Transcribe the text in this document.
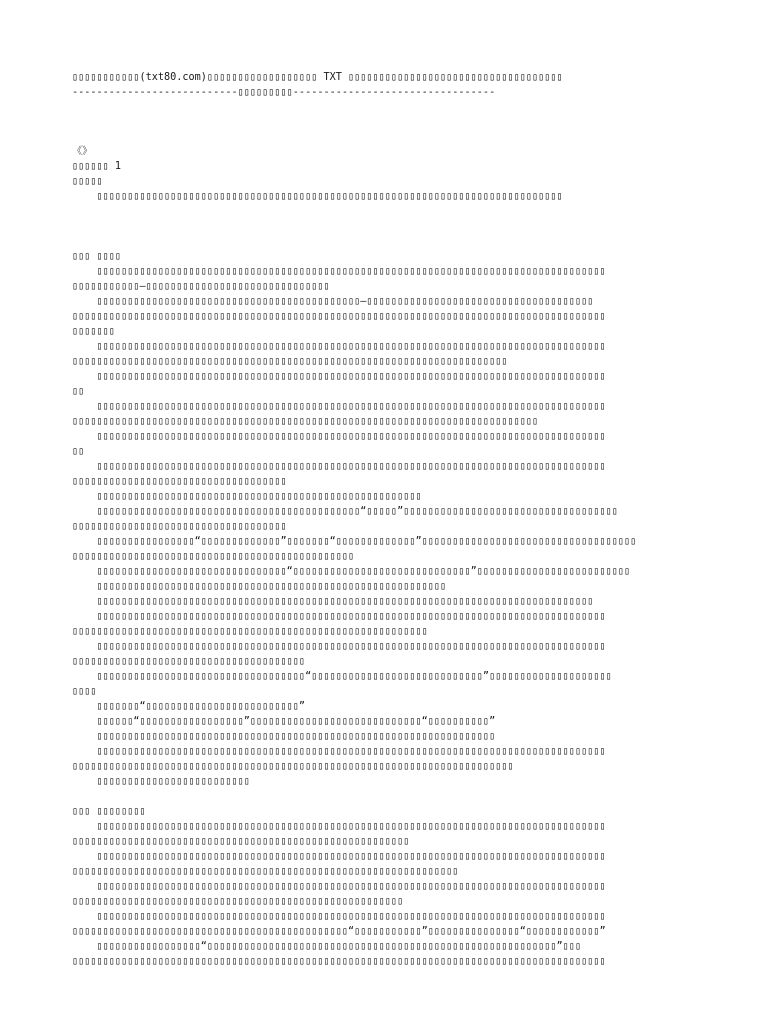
▯▯▯▯▯▯▯▯▯▯▯(txt80.com)▯▯▯▯▯▯▯▯▯▯▯▯▯▯▯▯▯▯ TXT ▯▯▯▯▯▯▯▯▯▯▯▯▯▯▯▯▯▯▯▯▯▯▯▯▯▯▯▯▯▯▯▯▯▯▯
---------------------------▯▯▯▯▯▯▯▯▯---------------------------------
《》
▯▯▯▯▯▯ 1
▯▯▯▯▯
▯▯▯▯▯▯▯▯▯▯▯▯▯▯▯▯▯▯▯▯▯▯▯▯▯▯▯▯▯▯▯▯▯▯▯▯▯▯▯▯▯▯▯▯▯▯▯▯▯▯▯▯▯▯▯▯▯▯▯▯▯▯▯▯▯▯▯▯▯▯▯▯▯▯▯▯
▯▯▯ ▯▯▯▯
▯▯▯▯▯▯▯▯▯▯▯▯▯▯▯▯▯▯▯▯▯▯▯▯▯▯▯▯▯▯▯▯▯▯▯▯▯▯▯▯▯▯▯▯▯▯▯▯▯▯▯▯▯▯▯▯▯▯▯▯▯▯▯▯▯▯▯▯▯▯▯▯▯▯▯▯▯▯▯▯▯▯▯
▯▯▯▯▯▯▯▯▯▯▯—▯▯▯▯▯▯▯▯▯▯▯▯▯▯▯▯▯▯▯▯▯▯▯▯▯▯▯▯▯▯
▯▯▯▯▯▯▯▯▯▯▯▯▯▯▯▯▯▯▯▯▯▯▯▯▯▯▯▯▯▯▯▯▯▯▯▯▯▯▯▯▯▯▯—▯▯▯▯▯▯▯▯▯▯▯▯▯▯▯▯▯▯▯▯▯▯▯▯▯▯▯▯▯▯▯▯▯▯▯▯▯
▯▯▯▯▯▯▯▯▯▯▯▯▯▯▯▯▯▯▯▯▯▯▯▯▯▯▯▯▯▯▯▯▯▯▯▯▯▯▯▯▯▯▯▯▯▯▯▯▯▯▯▯▯▯▯▯▯▯▯▯▯▯▯▯▯▯▯▯▯▯▯▯▯▯▯▯▯▯▯▯▯▯▯▯▯▯▯
▯▯▯▯▯▯▯
▯▯▯▯▯▯▯▯▯▯▯▯▯▯▯▯▯▯▯▯▯▯▯▯▯▯▯▯▯▯▯▯▯▯▯▯▯▯▯▯▯▯▯▯▯▯▯▯▯▯▯▯▯▯▯▯▯▯▯▯▯▯▯▯▯▯▯▯▯▯▯▯▯▯▯▯▯▯▯▯▯▯▯
▯▯▯▯▯▯▯▯▯▯▯▯▯▯▯▯▯▯▯▯▯▯▯▯▯▯▯▯▯▯▯▯▯▯▯▯▯▯▯▯▯▯▯▯▯▯▯▯▯▯▯▯▯▯▯▯▯▯▯▯▯▯▯▯▯▯▯▯▯▯▯
▯▯▯▯▯▯▯▯▯▯▯▯▯▯▯▯▯▯▯▯▯▯▯▯▯▯▯▯▯▯▯▯▯▯▯▯▯▯▯▯▯▯▯▯▯▯▯▯▯▯▯▯▯▯▯▯▯▯▯▯▯▯▯▯▯▯▯▯▯▯▯▯▯▯▯▯▯▯▯▯▯▯▯
▯▯
▯▯▯▯▯▯▯▯▯▯▯▯▯▯▯▯▯▯▯▯▯▯▯▯▯▯▯▯▯▯▯▯▯▯▯▯▯▯▯▯▯▯▯▯▯▯▯▯▯▯▯▯▯▯▯▯▯▯▯▯▯▯▯▯▯▯▯▯▯▯▯▯▯▯▯▯▯▯▯▯▯▯▯
▯▯▯▯▯▯▯▯▯▯▯▯▯▯▯▯▯▯▯▯▯▯▯▯▯▯▯▯▯▯▯▯▯▯▯▯▯▯▯▯▯▯▯▯▯▯▯▯▯▯▯▯▯▯▯▯▯▯▯▯▯▯▯▯▯▯▯▯▯▯▯▯▯▯▯▯
▯▯▯▯▯▯▯▯▯▯▯▯▯▯▯▯▯▯▯▯▯▯▯▯▯▯▯▯▯▯▯▯▯▯▯▯▯▯▯▯▯▯▯▯▯▯▯▯▯▯▯▯▯▯▯▯▯▯▯▯▯▯▯▯▯▯▯▯▯▯▯▯▯▯▯▯▯▯▯▯▯▯▯
▯▯
▯▯▯▯▯▯▯▯▯▯▯▯▯▯▯▯▯▯▯▯▯▯▯▯▯▯▯▯▯▯▯▯▯▯▯▯▯▯▯▯▯▯▯▯▯▯▯▯▯▯▯▯▯▯▯▯▯▯▯▯▯▯▯▯▯▯▯▯▯▯▯▯▯▯▯▯▯▯▯▯▯▯▯
▯▯▯▯▯▯▯▯▯▯▯▯▯▯▯▯▯▯▯▯▯▯▯▯▯▯▯▯▯▯▯▯▯▯▯
▯▯▯▯▯▯▯▯▯▯▯▯▯▯▯▯▯▯▯▯▯▯▯▯▯▯▯▯▯▯▯▯▯▯▯▯▯▯▯▯▯▯▯▯▯▯▯▯▯▯▯▯▯
▯▯▯▯▯▯▯▯▯▯▯▯▯▯▯▯▯▯▯▯▯▯▯▯▯▯▯▯▯▯▯▯▯▯▯▯▯▯▯▯▯▯▯“▯▯▯▯▯”▯▯▯▯▯▯▯▯▯▯▯▯▯▯▯▯▯▯▯▯▯▯▯▯▯▯▯▯▯▯▯▯▯▯▯
▯▯▯▯▯▯▯▯▯▯▯▯▯▯▯▯▯▯▯▯▯▯▯▯▯▯▯▯▯▯▯▯▯▯▯
▯▯▯▯▯▯▯▯▯▯▯▯▯▯▯▯“▯▯▯▯▯▯▯▯▯▯▯▯▯”▯▯▯▯▯▯▯“▯▯▯▯▯▯▯▯▯▯▯▯▯”▯▯▯▯▯▯▯▯▯▯▯▯▯▯▯▯▯▯▯▯▯▯▯▯▯▯▯▯▯▯▯▯▯▯▯
▯▯▯▯▯▯▯▯▯▯▯▯▯▯▯▯▯▯▯▯▯▯▯▯▯▯▯▯▯▯▯▯▯▯▯▯▯▯▯▯▯▯▯▯▯▯
▯▯▯▯▯▯▯▯▯▯▯▯▯▯▯▯▯▯▯▯▯▯▯▯▯▯▯▯▯▯▯“▯▯▯▯▯▯▯▯▯▯▯▯▯▯▯▯▯▯▯▯▯▯▯▯▯▯▯▯▯”▯▯▯▯▯▯▯▯▯▯▯▯▯▯▯▯▯▯▯▯▯▯▯▯▯
▯▯▯▯▯▯▯▯▯▯▯▯▯▯▯▯▯▯▯▯▯▯▯▯▯▯▯▯▯▯▯▯▯▯▯▯▯▯▯▯▯▯▯▯▯▯▯▯▯▯▯▯▯▯▯▯▯
▯▯▯▯▯▯▯▯▯▯▯▯▯▯▯▯▯▯▯▯▯▯▯▯▯▯▯▯▯▯▯▯▯▯▯▯▯▯▯▯▯▯▯▯▯▯▯▯▯▯▯▯▯▯▯▯▯▯▯▯▯▯▯▯▯▯▯▯▯▯▯▯▯▯▯▯▯▯▯▯▯
▯▯▯▯▯▯▯▯▯▯▯▯▯▯▯▯▯▯▯▯▯▯▯▯▯▯▯▯▯▯▯▯▯▯▯▯▯▯▯▯▯▯▯▯▯▯▯▯▯▯▯▯▯▯▯▯▯▯▯▯▯▯▯▯▯▯▯▯▯▯▯▯▯▯▯▯▯▯▯▯▯▯▯
▯▯▯▯▯▯▯▯▯▯▯▯▯▯▯▯▯▯▯▯▯▯▯▯▯▯▯▯▯▯▯▯▯▯▯▯▯▯▯▯▯▯▯▯▯▯▯▯▯▯▯▯▯▯▯▯▯▯
▯▯▯▯▯▯▯▯▯▯▯▯▯▯▯▯▯▯▯▯▯▯▯▯▯▯▯▯▯▯▯▯▯▯▯▯▯▯▯▯▯▯▯▯▯▯▯▯▯▯▯▯▯▯▯▯▯▯▯▯▯▯▯▯▯▯▯▯▯▯▯▯▯▯▯▯▯▯▯▯▯▯▯
▯▯▯▯▯▯▯▯▯▯▯▯▯▯▯▯▯▯▯▯▯▯▯▯▯▯▯▯▯▯▯▯▯▯▯▯▯▯
▯▯▯▯▯▯▯▯▯▯▯▯▯▯▯▯▯▯▯▯▯▯▯▯▯▯▯▯▯▯▯▯▯▯“▯▯▯▯▯▯▯▯▯▯▯▯▯▯▯▯▯▯▯▯▯▯▯▯▯▯▯▯”▯▯▯▯▯▯▯▯▯▯▯▯▯▯▯▯▯▯▯▯
▯▯▯▯
▯▯▯▯▯▯▯“▯▯▯▯▯▯▯▯▯▯▯▯▯▯▯▯▯▯▯▯▯▯▯▯▯”
▯▯▯▯▯▯“▯▯▯▯▯▯▯▯▯▯▯▯▯▯▯▯▯”▯▯▯▯▯▯▯▯▯▯▯▯▯▯▯▯▯▯▯▯▯▯▯▯▯▯▯▯“▯▯▯▯▯▯▯▯▯▯”
▯▯▯▯▯▯▯▯▯▯▯▯▯▯▯▯▯▯▯▯▯▯▯▯▯▯▯▯▯▯▯▯▯▯▯▯▯▯▯▯▯▯▯▯▯▯▯▯▯▯▯▯▯▯▯▯▯▯▯▯▯▯▯▯▯
▯▯▯▯▯▯▯▯▯▯▯▯▯▯▯▯▯▯▯▯▯▯▯▯▯▯▯▯▯▯▯▯▯▯▯▯▯▯▯▯▯▯▯▯▯▯▯▯▯▯▯▯▯▯▯▯▯▯▯▯▯▯▯▯▯▯▯▯▯▯▯▯▯▯▯▯▯▯▯▯▯▯▯
▯▯▯▯▯▯▯▯▯▯▯▯▯▯▯▯▯▯▯▯▯▯▯▯▯▯▯▯▯▯▯▯▯▯▯▯▯▯▯▯▯▯▯▯▯▯▯▯▯▯▯▯▯▯▯▯▯▯▯▯▯▯▯▯▯▯▯▯▯▯▯▯
▯▯▯▯▯▯▯▯▯▯▯▯▯▯▯▯▯▯▯▯▯▯▯▯▯
▯▯▯ ▯▯▯▯▯▯▯▯
▯▯▯▯▯▯▯▯▯▯▯▯▯▯▯▯▯▯▯▯▯▯▯▯▯▯▯▯▯▯▯▯▯▯▯▯▯▯▯▯▯▯▯▯▯▯▯▯▯▯▯▯▯▯▯▯▯▯▯▯▯▯▯▯▯▯▯▯▯▯▯▯▯▯▯▯▯▯▯▯▯▯▯
▯▯▯▯▯▯▯▯▯▯▯▯▯▯▯▯▯▯▯▯▯▯▯▯▯▯▯▯▯▯▯▯▯▯▯▯▯▯▯▯▯▯▯▯▯▯▯▯▯▯▯▯▯▯▯
▯▯▯▯▯▯▯▯▯▯▯▯▯▯▯▯▯▯▯▯▯▯▯▯▯▯▯▯▯▯▯▯▯▯▯▯▯▯▯▯▯▯▯▯▯▯▯▯▯▯▯▯▯▯▯▯▯▯▯▯▯▯▯▯▯▯▯▯▯▯▯▯▯▯▯▯▯▯▯▯▯▯▯
▯▯▯▯▯▯▯▯▯▯▯▯▯▯▯▯▯▯▯▯▯▯▯▯▯▯▯▯▯▯▯▯▯▯▯▯▯▯▯▯▯▯▯▯▯▯▯▯▯▯▯▯▯▯▯▯▯▯▯▯▯▯▯
▯▯▯▯▯▯▯▯▯▯▯▯▯▯▯▯▯▯▯▯▯▯▯▯▯▯▯▯▯▯▯▯▯▯▯▯▯▯▯▯▯▯▯▯▯▯▯▯▯▯▯▯▯▯▯▯▯▯▯▯▯▯▯▯▯▯▯▯▯▯▯▯▯▯▯▯▯▯▯▯▯▯▯
▯▯▯▯▯▯▯▯▯▯▯▯▯▯▯▯▯▯▯▯▯▯▯▯▯▯▯▯▯▯▯▯▯▯▯▯▯▯▯▯▯▯▯▯▯▯▯▯▯▯▯▯▯▯
▯▯▯▯▯▯▯▯▯▯▯▯▯▯▯▯▯▯▯▯▯▯▯▯▯▯▯▯▯▯▯▯▯▯▯▯▯▯▯▯▯▯▯▯▯▯▯▯▯▯▯▯▯▯▯▯▯▯▯▯▯▯▯▯▯▯▯▯▯▯▯▯▯▯▯▯▯▯▯▯▯▯▯
▯▯▯▯▯▯▯▯▯▯▯▯▯▯▯▯▯▯▯▯▯▯▯▯▯▯▯▯▯▯▯▯▯▯▯▯▯▯▯▯▯▯▯▯▯“▯▯▯▯▯▯▯▯▯▯▯”▯▯▯▯▯▯▯▯▯▯▯▯▯▯▯“▯▯▯▯▯▯▯▯▯▯▯▯”
▯▯▯▯▯▯▯▯▯▯▯▯▯▯▯▯▯“▯▯▯▯▯▯▯▯▯▯▯▯▯▯▯▯▯▯▯▯▯▯▯▯▯▯▯▯▯▯▯▯▯▯▯▯▯▯▯▯▯▯▯▯▯▯▯▯▯▯▯▯▯▯▯▯▯”▯▯▯
▯▯▯▯▯▯▯▯▯▯▯▯▯▯▯▯▯▯▯▯▯▯▯▯▯▯▯▯▯▯▯▯▯▯▯▯▯▯▯▯▯▯▯▯▯▯▯▯▯▯▯▯▯▯▯▯▯▯▯▯▯▯▯▯▯▯▯▯▯▯▯▯▯▯▯▯▯▯▯▯▯▯▯▯▯▯▯
